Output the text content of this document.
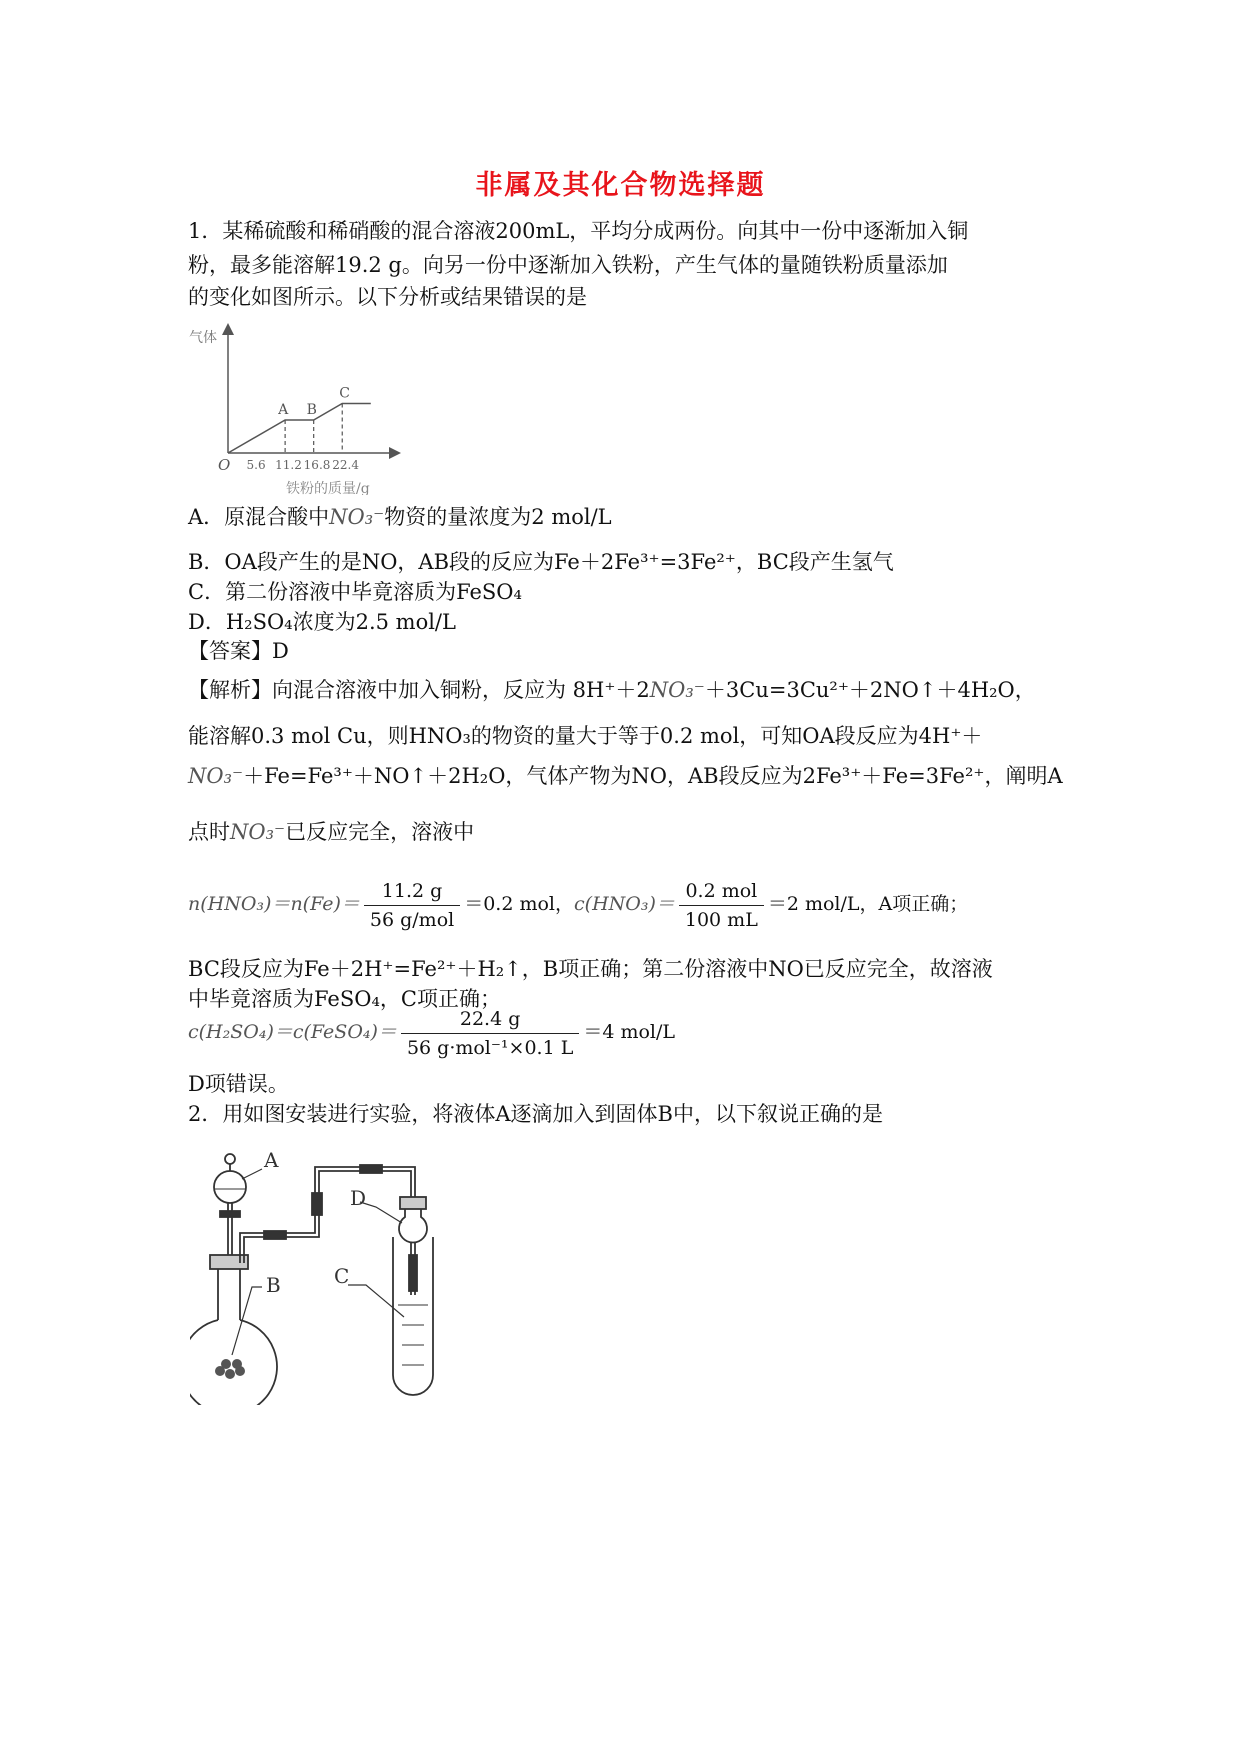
非属及其化合物选择题
1．某稀硫酸和稀硝酸的混合溶液200mL，平均分成两份。向其中一份中逐渐加入铜
粉，最多能溶解19.2 g。向另一份中逐渐加入铁粉，产生气体的量随铁粉质量添加
的变化如图所示。以下分析或结果错误的是
气体
O 5.6 11.2 16.8 22.4
A B
C
铁粉的质量/g
A．原混合酸中NO₃⁻物资的量浓度为2 mol/L
B．OA段产生的是NO，AB段的反应为Fe＋2Fe³⁺=3Fe²⁺，BC段产生氢气
C．第二份溶液中毕竟溶质为FeSO₄
D．H₂SO₄浓度为2.5 mol/L
【答案】D
【解析】向混合溶液中加入铜粉，反应为 8H⁺＋2NO₃⁻＋3Cu=3Cu²⁺＋2NO↑＋4H₂O，
能溶解0.3 mol Cu，则HNO₃的物资的量大于等于0.2 mol，可知OA段反应为4H⁺＋
NO₃⁻＋Fe=Fe³⁺＋NO↑＋2H₂O，气体产物为NO，AB段反应为2Fe³⁺＋Fe=3Fe²⁺，阐明A
点时NO₃⁻已反应完全，溶液中
$n(HNO_3)=n(Fe)= \frac{11.2 g}{\text{56 g/mol}} =0.2$ mol，$c(HNO_3)= \frac{\text{0.2 mol}}{100 mL} =2$ mol/L，A项正确；
BC段反应为Fe＋2H⁺=Fe²⁺＋H₂↑，B项正确；第二份溶液中NO已反应完全，故溶液
中毕竟溶质为FeSO₄，C项正确；
c(H₂SO₄)＝c(FeSO₄)＝ $\frac{22.4 g}{\text{56 g·mol⁻¹×0.1 L}} =4$ mol/L
D项错误。
2．用如图安装进行实验，将液体A逐滴加入到固体B中，以下叙说正确的是
A
B	C
D
